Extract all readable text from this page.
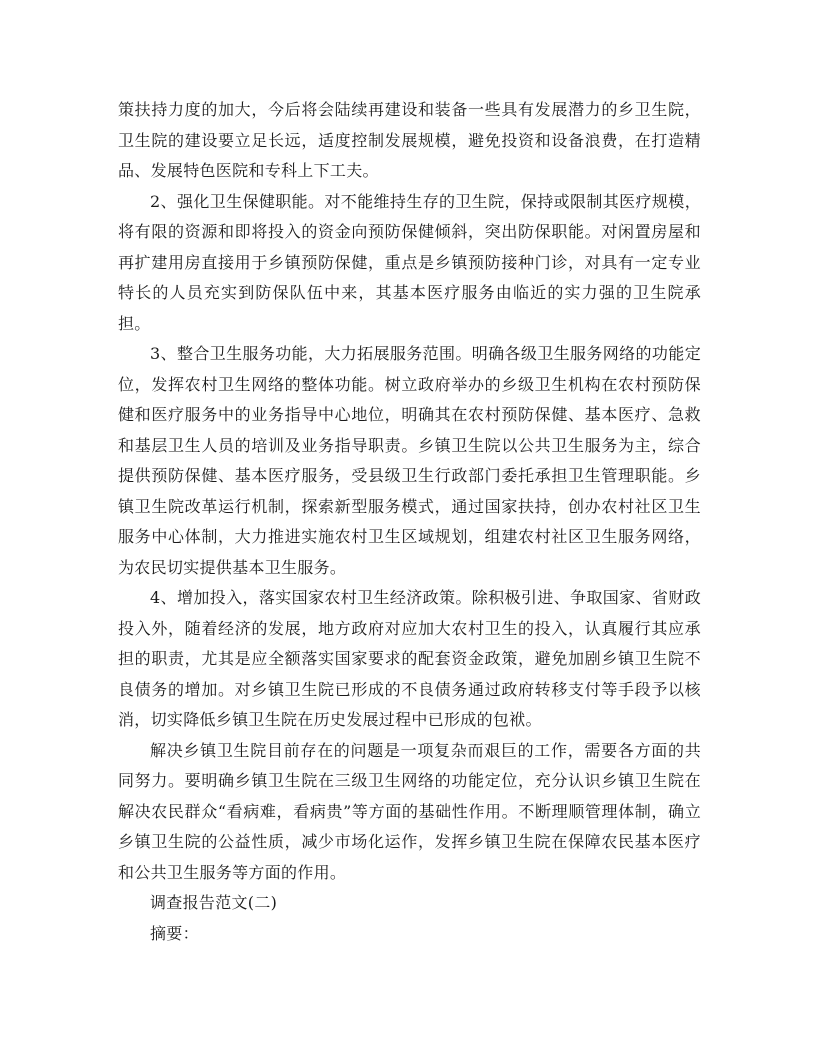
策扶持力度的加大，今后将会陆续再建设和装备一些具有发展潜力的乡卫生院，卫生院的建设要立足长远，适度控制发展规模，避免投资和设备浪费，在打造精品、发展特色医院和专科上下工夫。

2、强化卫生保健职能。对不能维持生存的卫生院，保持或限制其医疗规模，将有限的资源和即将投入的资金向预防保健倾斜，突出防保职能。对闲置房屋和再扩建用房直接用于乡镇预防保健，重点是乡镇预防接种门诊，对具有一定专业特长的人员充实到防保队伍中来，其基本医疗服务由临近的实力强的卫生院承担。

3、整合卫生服务功能，大力拓展服务范围。明确各级卫生服务网络的功能定位，发挥农村卫生网络的整体功能。树立政府举办的乡级卫生机构在农村预防保健和医疗服务中的业务指导中心地位，明确其在农村预防保健、基本医疗、急救和基层卫生人员的培训及业务指导职责。乡镇卫生院以公共卫生服务为主，综合提供预防保健、基本医疗服务，受县级卫生行政部门委托承担卫生管理职能。乡镇卫生院改革运行机制，探索新型服务模式，通过国家扶持，创办农村社区卫生服务中心体制，大力推进实施农村卫生区域规划，组建农村社区卫生服务网络，为农民切实提供基本卫生服务。

4、增加投入，落实国家农村卫生经济政策。除积极引进、争取国家、省财政投入外，随着经济的发展，地方政府对应加大农村卫生的投入，认真履行其应承担的职责，尤其是应全额落实国家要求的配套资金政策，避免加剧乡镇卫生院不良债务的增加。对乡镇卫生院已形成的不良债务通过政府转移支付等手段予以核消，切实降低乡镇卫生院在历史发展过程中已形成的包袱。

解决乡镇卫生院目前存在的问题是一项复杂而艰巨的工作，需要各方面的共同努力。要明确乡镇卫生院在三级卫生网络的功能定位，充分认识乡镇卫生院在解决农民群众“看病难，看病贵”等方面的基础性作用。不断理顺管理体制，确立乡镇卫生院的公益性质，减少市场化运作，发挥乡镇卫生院在保障农民基本医疗和公共卫生服务等方面的作用。

调查报告范文(二)

摘要：
